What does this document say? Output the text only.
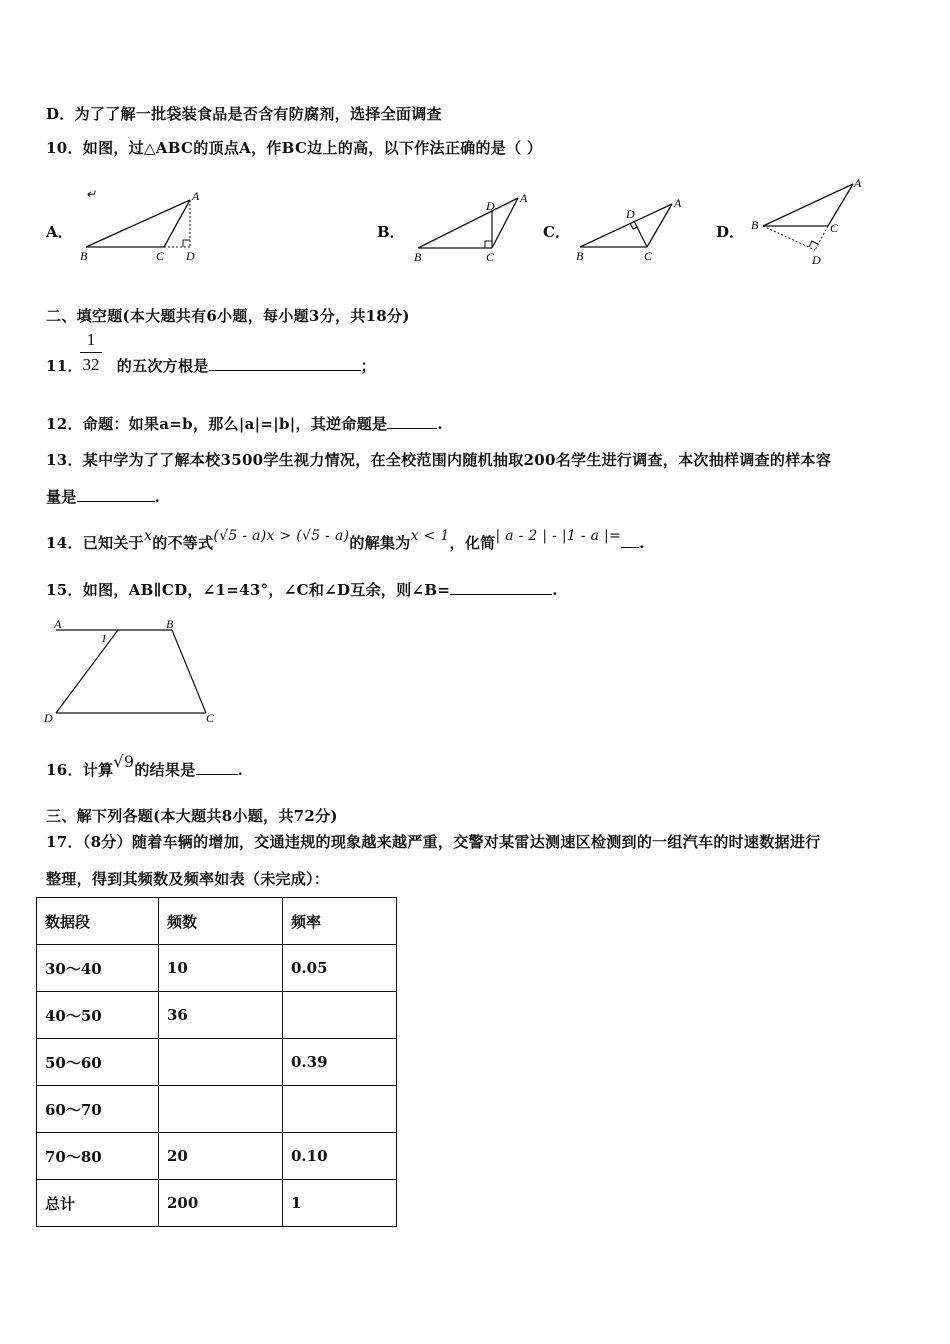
D．为了了解一批袋装食品是否含有防腐剂，选择全面调查
10．如图，过△ABC的顶点A，作BC边上的高，以下作法正确的是（ ）
A．
↵	A
B	C D
B．
A
D
B	C
C．
A
D
B	C
D．
A
B	C
D
二、填空题(本大题共有6小题，每小题3分，共18分)
11． 的五次方根是	；
1
32
12．命题：如果a=b，那么|a|=|b|，其逆命题是	.
13．某中学为了了解本校3500学生视力情况，在全校范围内随机抽取200名学生进行调查，本次抽样调查的样本容
量是	.
14．已知关于x的不等式(√5 - a)x > (√5 - a)的解集为x < 1，化简| a - 2 | - |1 - a |= .
15．如图，AB∥CD，∠1=43°，∠C和∠D互余，则∠B=	.
A	B
D	C
1
16．计算√9的结果是	.
三、解下列各题(本大题共8小题，共72分)
17．（8分）随着车辆的增加，交通违规的现象越来越严重，交警对某雷达测速区检测到的一组汽车的时速数据进行
整理，得到其频数及频率如表（未完成）：
数据段	频数	频率
30～40	10	0.05
40～50	36	
50～60		0.39
60～70		
70～80	20	0.10
总计	200	1
